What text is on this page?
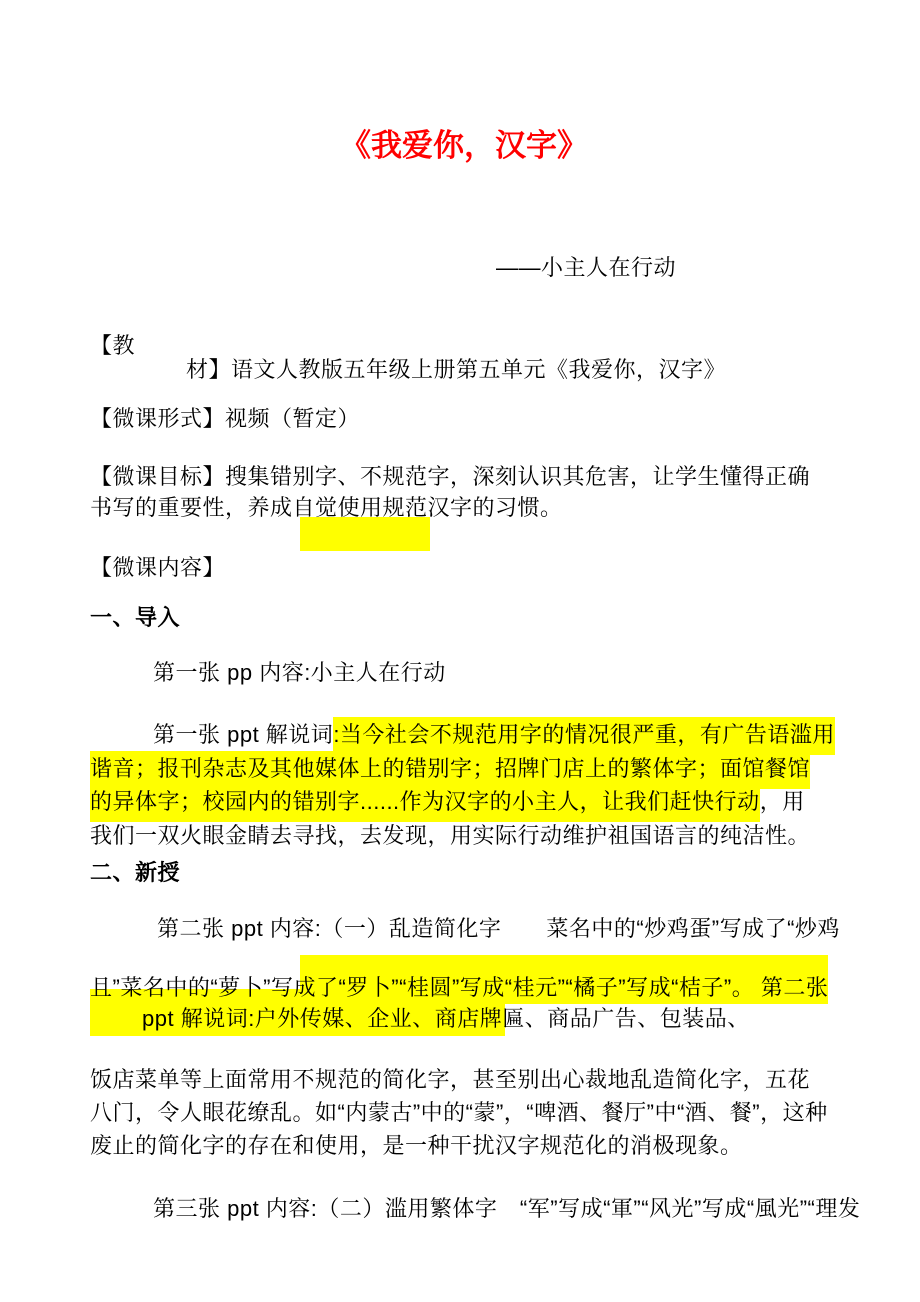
《我爱你，汉字》
——小主人在行动
【教
材】语文人教版五年级上册第五单元《我爱你，汉字》
【微课形式】视频（暂定）
【微课目标】搜集错别字、不规范字，深刻认识其危害，让学生懂得正确
书写的重要性，养成自觉使用规范汉字的习惯。
【微课内容】
一、导入
第一张 pp 内容:小主人在行动
第一张 ppt 解说词:当今社会不规范用字的情况很严重，有广告语滥用
谐音；报刊杂志及其他媒体上的错别字；招牌门店上的繁体字；面馆餐馆
的异体字；校园内的错别字......作为汉字的小主人，让我们赶快行动，用
我们一双火眼金睛去寻找，去发现，用实际行动维护祖国语言的纯洁性。
二、新授
第二张 ppt 内容:（一）乱造简化字　　菜名中的“炒鸡蛋”写成了“炒鸡
且”菜名中的“萝卜”写成了“罗卜”“桂圆”写成“桂元”“橘子”写成“桔子”。 第二张
ppt 解说词:户外传媒、企业、商店牌匾、商品广告、包装品、
饭店菜单等上面常用不规范的简化字，甚至别出心裁地乱造简化字，五花
八门，令人眼花缭乱。如“内蒙古”中的“蒙”，“啤酒、餐厅”中“酒、餐”，这种
废止的简化字的存在和使用，是一种干扰汉字规范化的消极现象。
第三张 ppt 内容:（二）滥用繁体字　“军”写成“軍”“风光”写成“風光”“理发
